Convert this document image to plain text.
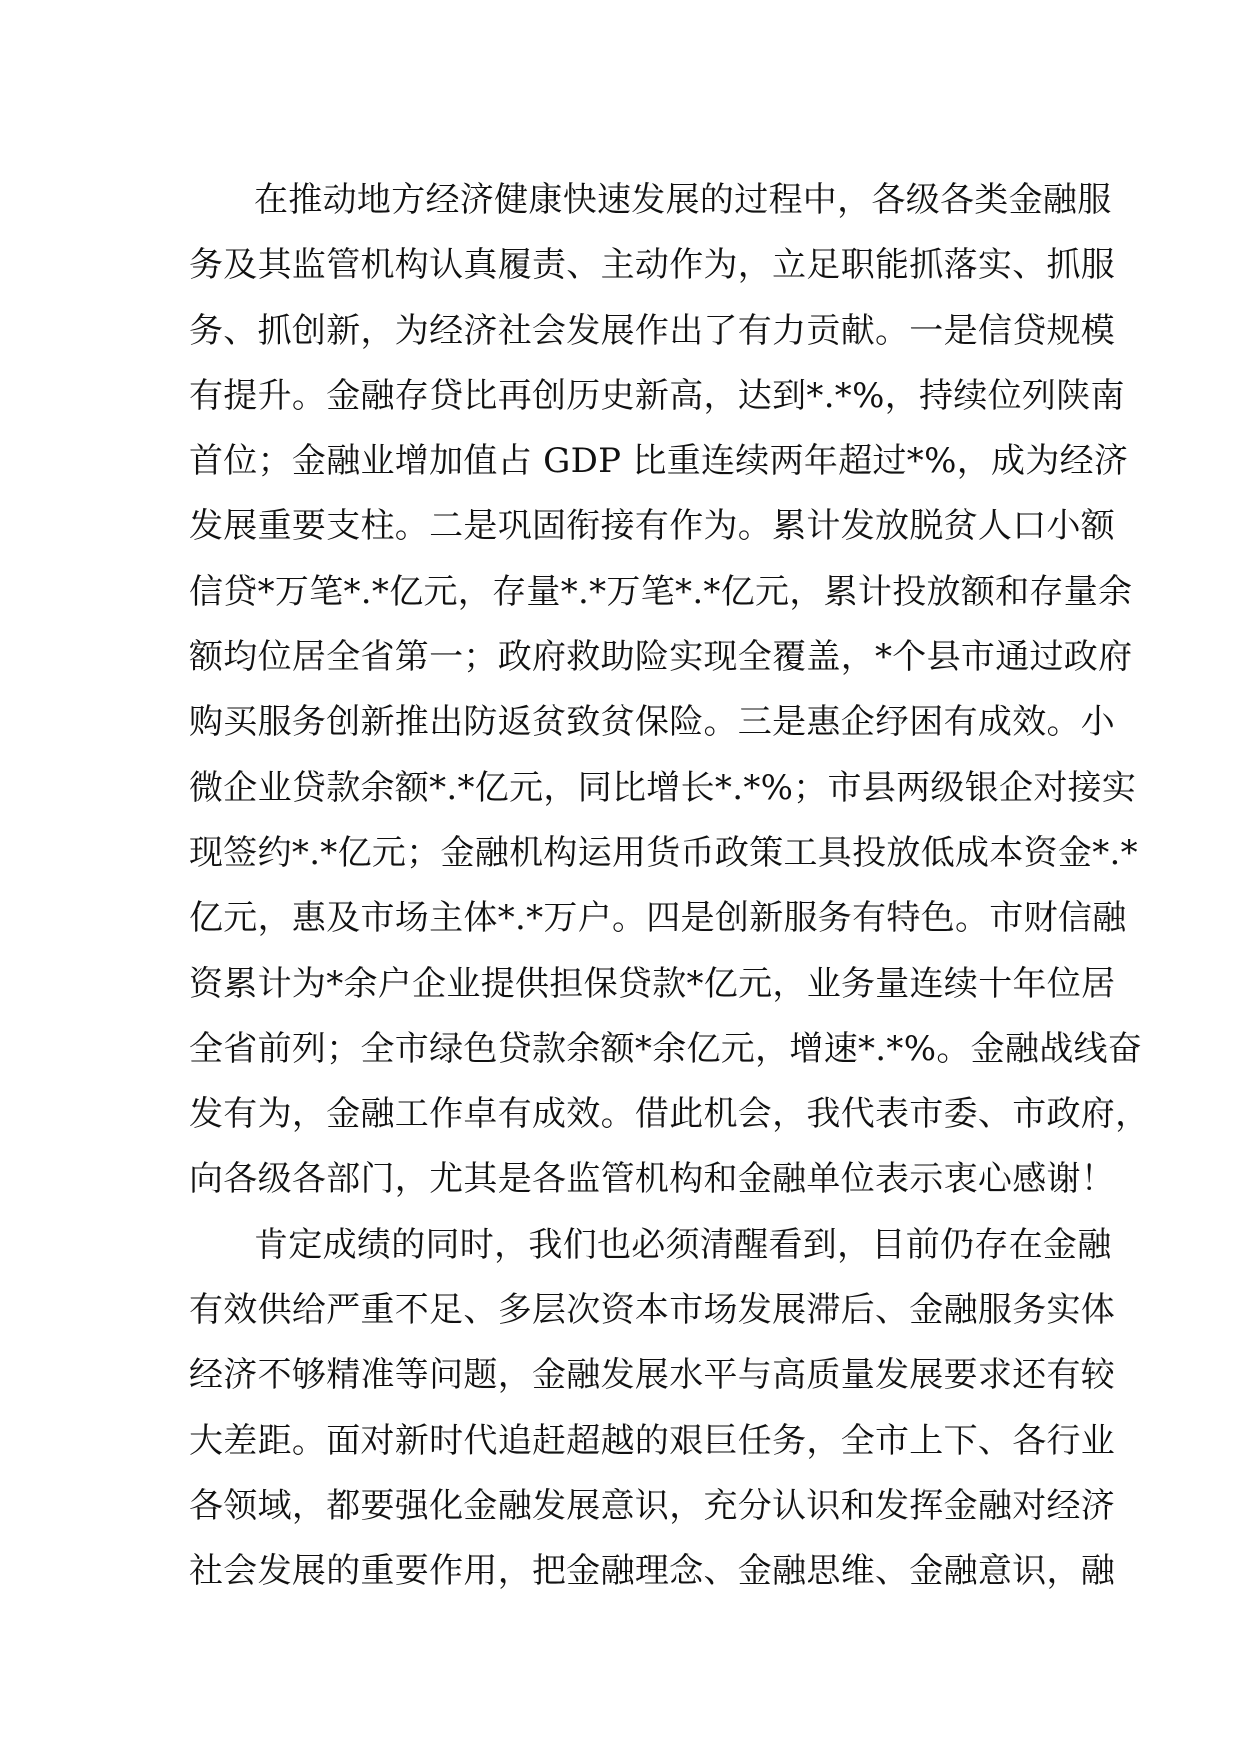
在推动地方经济健康快速发展的过程中，各级各类金融服
务及其监管机构认真履责、主动作为，立足职能抓落实、抓服
务、抓创新，为经济社会发展作出了有力贡献。一是信贷规模
有提升。金融存贷比再创历史新高，达到*.*%，持续位列陕南
首位；金融业增加值占 GDP 比重连续两年超过*%，成为经济
发展重要支柱。二是巩固衔接有作为。累计发放脱贫人口小额
信贷*万笔*.*亿元，存量*.*万笔*.*亿元，累计投放额和存量余
额均位居全省第一；政府救助险实现全覆盖，*个县市通过政府
购买服务创新推出防返贫致贫保险。三是惠企纾困有成效。小
微企业贷款余额*.*亿元，同比增长*.*%；市县两级银企对接实
现签约*.*亿元；金融机构运用货币政策工具投放低成本资金*.*
亿元，惠及市场主体*.*万户。四是创新服务有特色。市财信融
资累计为*余户企业提供担保贷款*亿元，业务量连续十年位居
全省前列；全市绿色贷款余额*余亿元，增速*.*%。金融战线奋
发有为，金融工作卓有成效。借此机会，我代表市委、市政府，
向各级各部门，尤其是各监管机构和金融单位表示衷心感谢！
肯定成绩的同时，我们也必须清醒看到，目前仍存在金融
有效供给严重不足、多层次资本市场发展滞后、金融服务实体
经济不够精准等问题，金融发展水平与高质量发展要求还有较
大差距。面对新时代追赶超越的艰巨任务，全市上下、各行业
各领域，都要强化金融发展意识，充分认识和发挥金融对经济
社会发展的重要作用，把金融理念、金融思维、金融意识，融
